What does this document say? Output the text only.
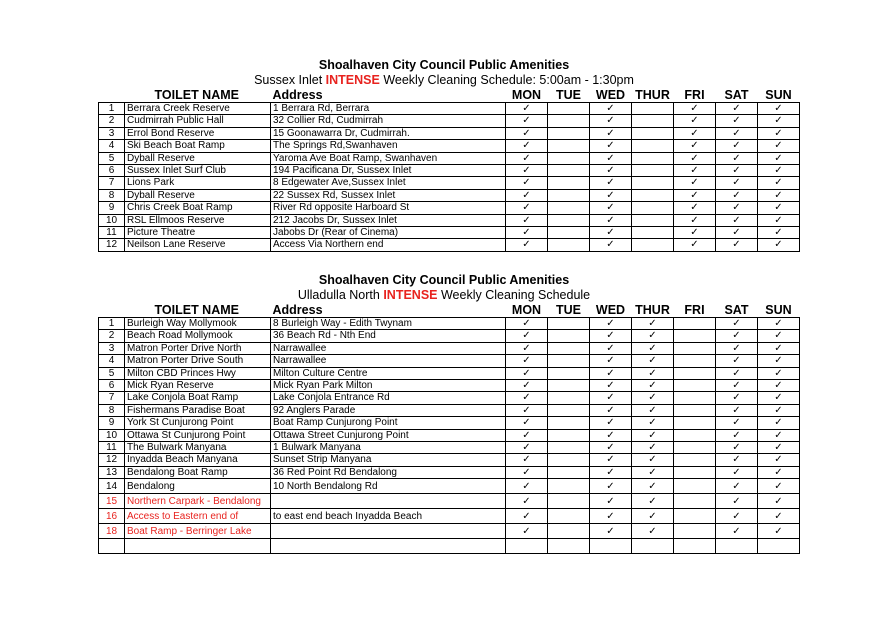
Shoalhaven City Council Public Amenities
Sussex Inlet INTENSE Weekly Cleaning Schedule: 5:00am - 1:30pm
	TOILET NAME	Address	MON	TUE	WED	THUR	FRI	SAT	SUN
1	Berrara Creek Reserve	1 Berrara Rd, Berrara	✓		✓		✓	✓	✓
2	Cudmirrah Public Hall	32 Collier Rd, Cudmirrah	✓		✓		✓	✓	✓
3	Errol Bond Reserve	15 Goonawarra Dr, Cudmirrah.	✓		✓		✓	✓	✓
4	Ski Beach Boat Ramp	The Springs Rd,Swanhaven	✓		✓		✓	✓	✓
5	Dyball Reserve	Yaroma Ave Boat Ramp, Swanhaven	✓		✓		✓	✓	✓
6	Sussex Inlet Surf Club	194 Pacificana Dr, Sussex Inlet	✓		✓		✓	✓	✓
7	Lions Park	8 Edgewater Ave,Sussex Inlet	✓		✓		✓	✓	✓
8	Dyball Reserve	22 Sussex Rd, Sussex Inlet	✓		✓		✓	✓	✓
9	Chris Creek Boat Ramp	River Rd opposite Harboard St	✓		✓		✓	✓	✓
10	RSL Ellmoos Reserve	212 Jacobs Dr, Sussex Inlet	✓		✓		✓	✓	✓
11	Picture Theatre	Jabobs Dr (Rear of Cinema)	✓		✓		✓	✓	✓
12	Neilson Lane Reserve	Access Via Northern end	✓		✓		✓	✓	✓
Shoalhaven City Council Public Amenities
Ulladulla North INTENSE Weekly Cleaning Schedule
	TOILET NAME	Address	MON	TUE	WED	THUR	FRI	SAT	SUN
1	Burleigh Way Mollymook	8 Burleigh Way - Edith Twynam	✓		✓	✓		✓	✓
2	Beach Road Mollymook	36 Beach Rd - Nth End	✓		✓	✓		✓	✓
3	Matron Porter Drive North	Narrawallee	✓		✓	✓		✓	✓
4	Matron Porter Drive South	Narrawallee	✓		✓	✓		✓	✓
5	Milton CBD Princes Hwy	Milton Culture Centre	✓		✓	✓		✓	✓
6	Mick Ryan Reserve	Mick Ryan Park Milton	✓		✓	✓		✓	✓
7	Lake Conjola Boat Ramp	Lake Conjola Entrance Rd	✓		✓	✓		✓	✓
8	Fishermans Paradise Boat	92 Anglers Parade	✓		✓	✓		✓	✓
9	York St Cunjurong Point	Boat Ramp Cunjurong Point	✓		✓	✓		✓	✓
10	Ottawa St Cunjurong Point	Ottawa Street Cunjurong Point	✓		✓	✓		✓	✓
11	The Bulwark Manyana	1 Bulwark Manyana	✓		✓	✓		✓	✓
12	Inyadda Beach Manyana	Sunset Strip Manyana	✓		✓	✓		✓	✓
13	Bendalong Boat Ramp	36 Red Point Rd Bendalong	✓		✓	✓		✓	✓
14	Bendalong	10 North Bendalong Rd	✓		✓	✓		✓	✓
15	Northern Carpark - Bendalong		✓		✓	✓		✓	✓
16	Access to Eastern end of	to east end beach Inyadda Beach	✓		✓	✓		✓	✓
18	Boat Ramp - Berringer Lake		✓		✓	✓		✓	✓
